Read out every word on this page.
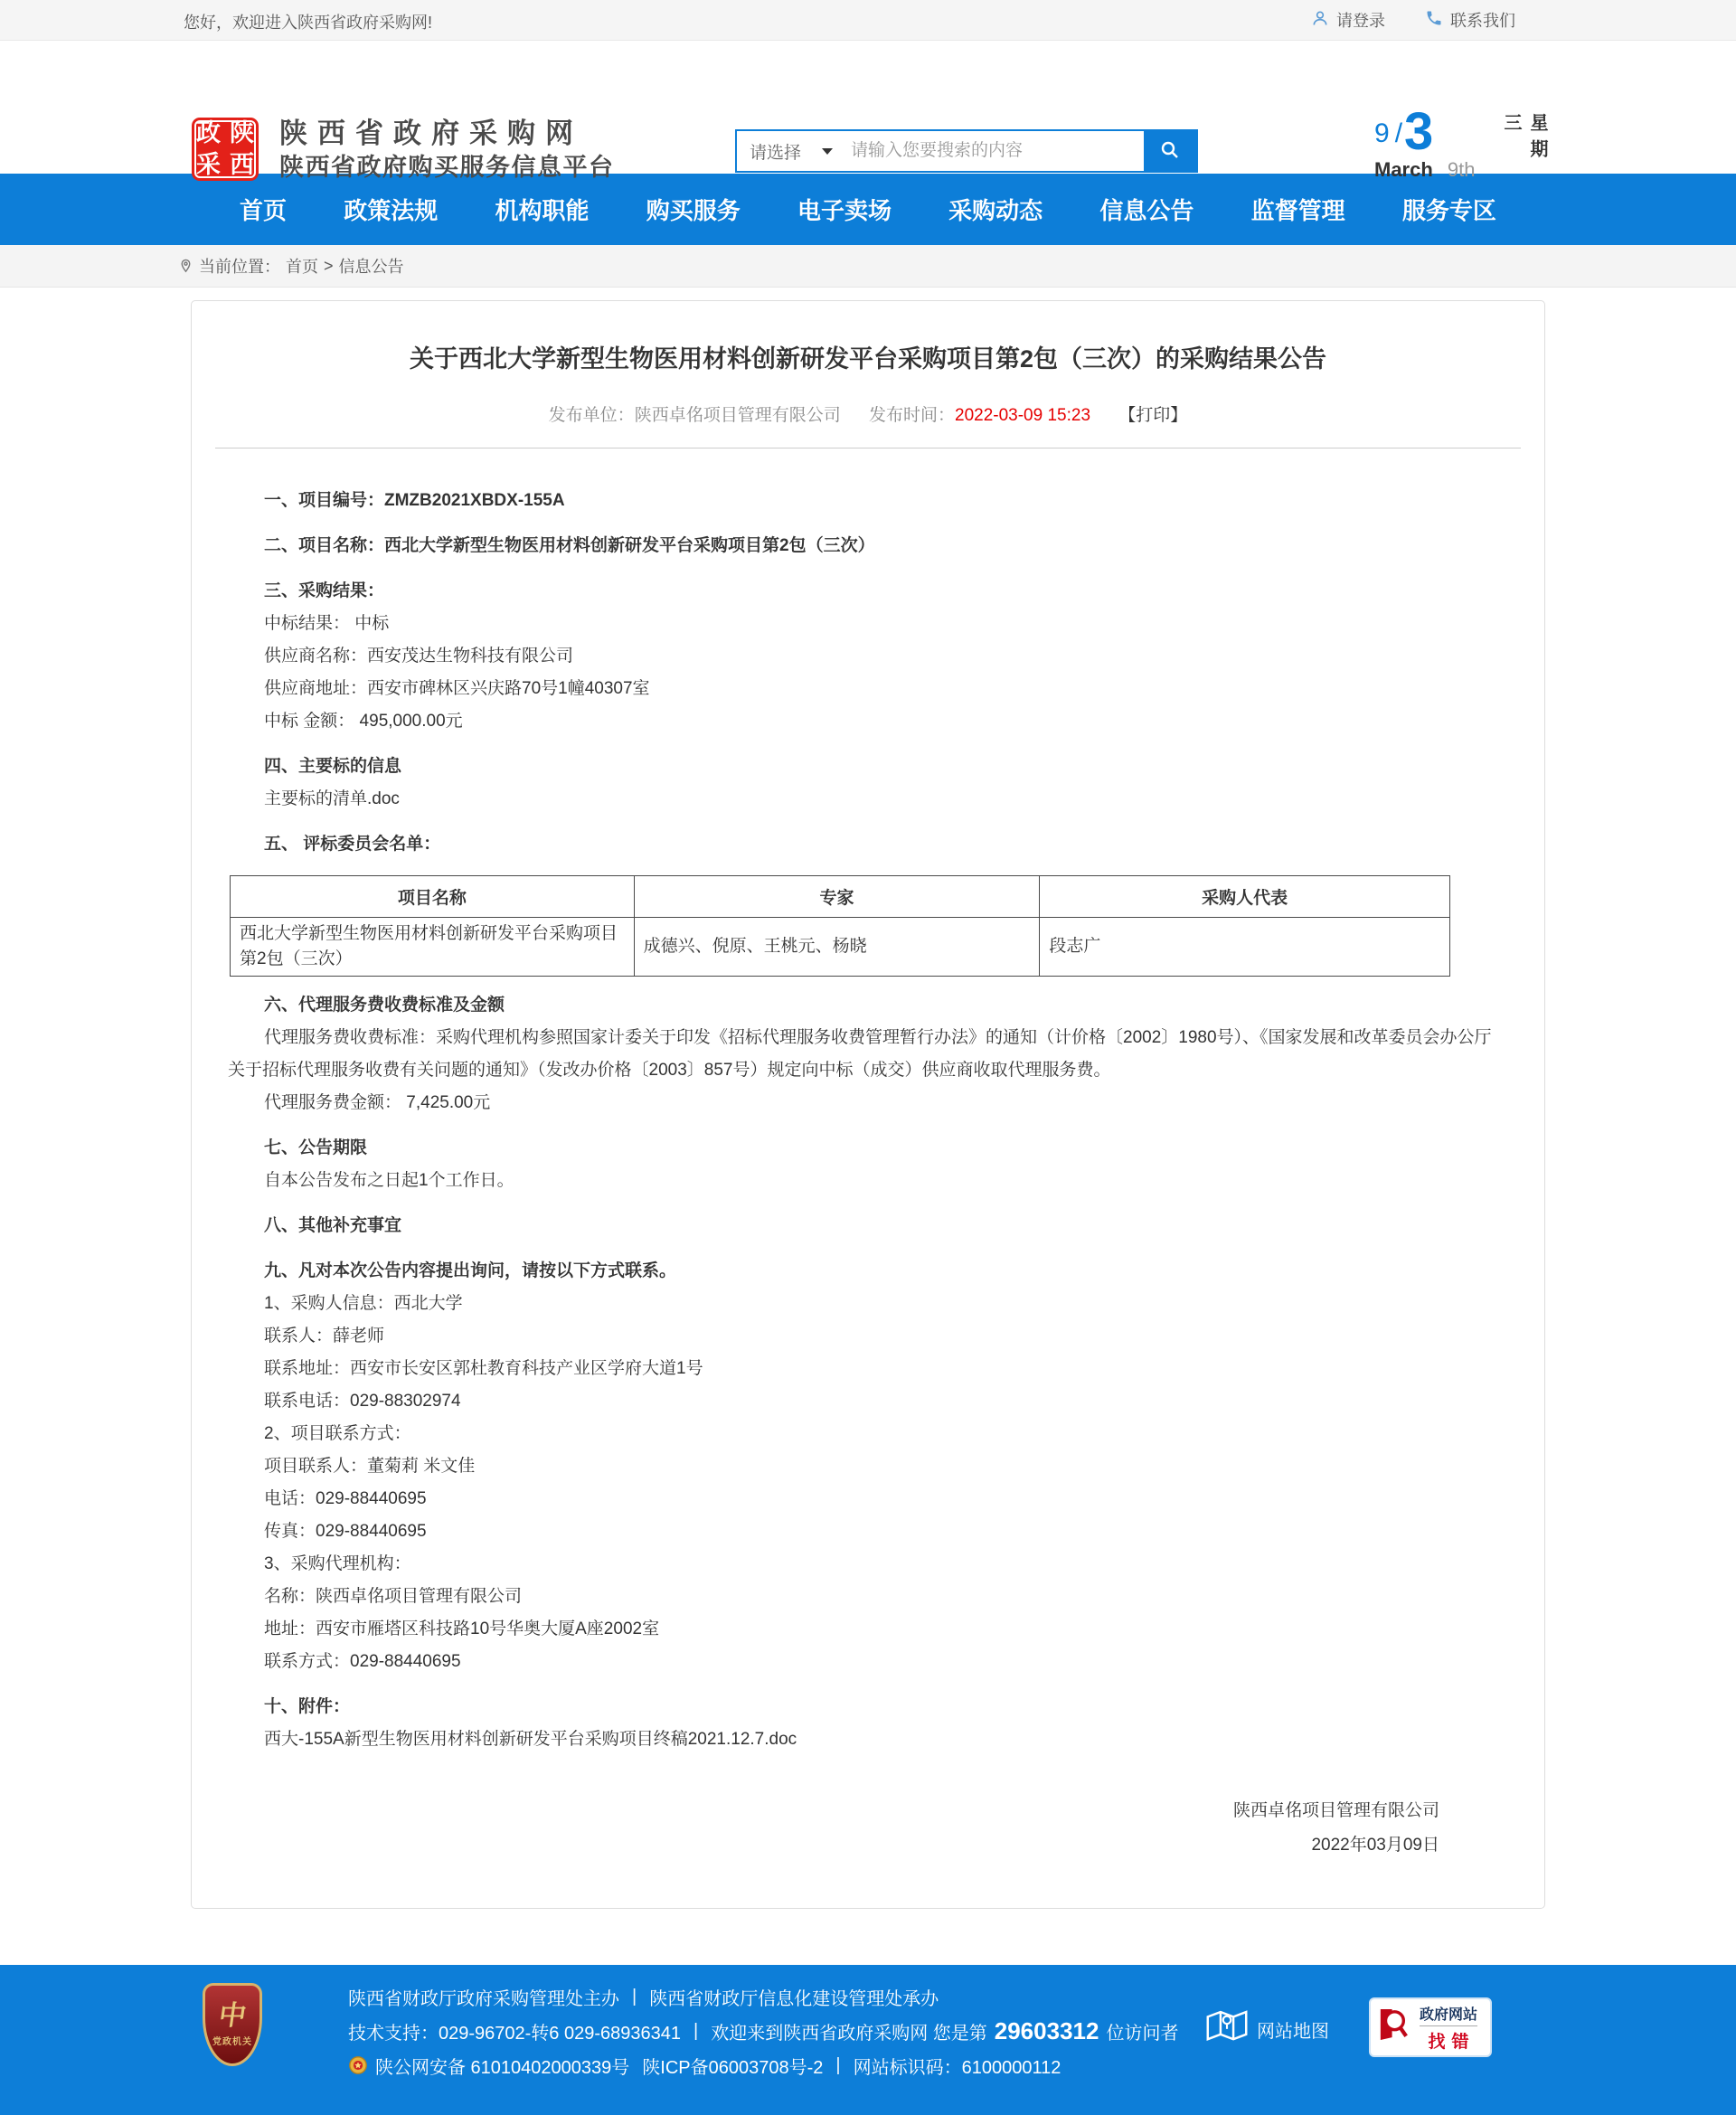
您好，欢迎进入陕西省政府采购网!	请登录	联系我们
政 陕
采 西
陕西省政府采购网
陕西省政府购买服务信息平台
请选择
请输入您要搜索的内容
9 / 3
March 9th
星期三
首页 政策法规 机构职能 购买服务 电子卖场 采购动态 信息公告 监督管理 服务专区
当前位置： 首页 > 信息公告
关于西北大学新型生物医用材料创新研发平台采购项目第2包（三次）的采购结果公告
发布单位：陕西卓佲项目管理有限公司 发布时间：2022-03-09 15:23 【打印】

一、项目编号：ZMZB2021XBDX-155A

二、项目名称：西北大学新型生物医用材料创新研发平台采购项目第2包（三次）

三、采购结果：

中标结果： 中标

供应商名称：西安茂达生物科技有限公司

供应商地址：西安市碑林区兴庆路70号1幢40307室

中标 金额： 495,000.00元

四、主要标的信息

主要标的清单.doc

五、 评标委员会名单：

项目名称	专家	采购人代表
西北大学新型生物医用材料创新研发平台采购项目第2包（三次）	成德兴、倪原、王桃元、杨晓	段志广

六、代理服务费收费标准及金额

代理服务费收费标准：采购代理机构参照国家计委关于印发《招标代理服务收费管理暂行办法》的通知（计价格〔2002〕1980号）、《国家发展和改革委员会办公厅关于招标代理服务收费有关问题的通知》（发改办价格〔2003〕857号）规定向中标（成交）供应商收取代理服务费。

代理服务费金额： 7,425.00元

七、公告期限

自本公告发布之日起1个工作日。

八、其他补充事宜

九、凡对本次公告内容提出询问，请按以下方式联系。

1、采购人信息：西北大学

联系人：薛老师

联系地址：西安市长安区郭杜教育科技产业区学府大道1号

联系电话：029-88302974

2、项目联系方式：

项目联系人：董菊莉 米文佳

电话：029-88440695

传真：029-88440695

3、采购代理机构：

名称：陕西卓佲项目管理有限公司

地址：西安市雁塔区科技路10号华奥大厦A座2002室

联系方式：029-88440695

十、附件：

西大-155A新型生物医用材料创新研发平台采购项目终稿2021.12.7.doc

陕西卓佲项目管理有限公司
2022年03月09日
中
党政机关
陕西省财政厅政府采购管理处主办 | 陕西省财政厅信息化建设管理处承办
技术支持：029-96702-转6 029-68936341 | 欢迎来到陕西省政府采购网 您是第 29603312 位访问者
陕公网安备 61010402000339号 陕ICP备06003708号-2 | 网站标识码：6100000112
网站地图
政府网站
找错
